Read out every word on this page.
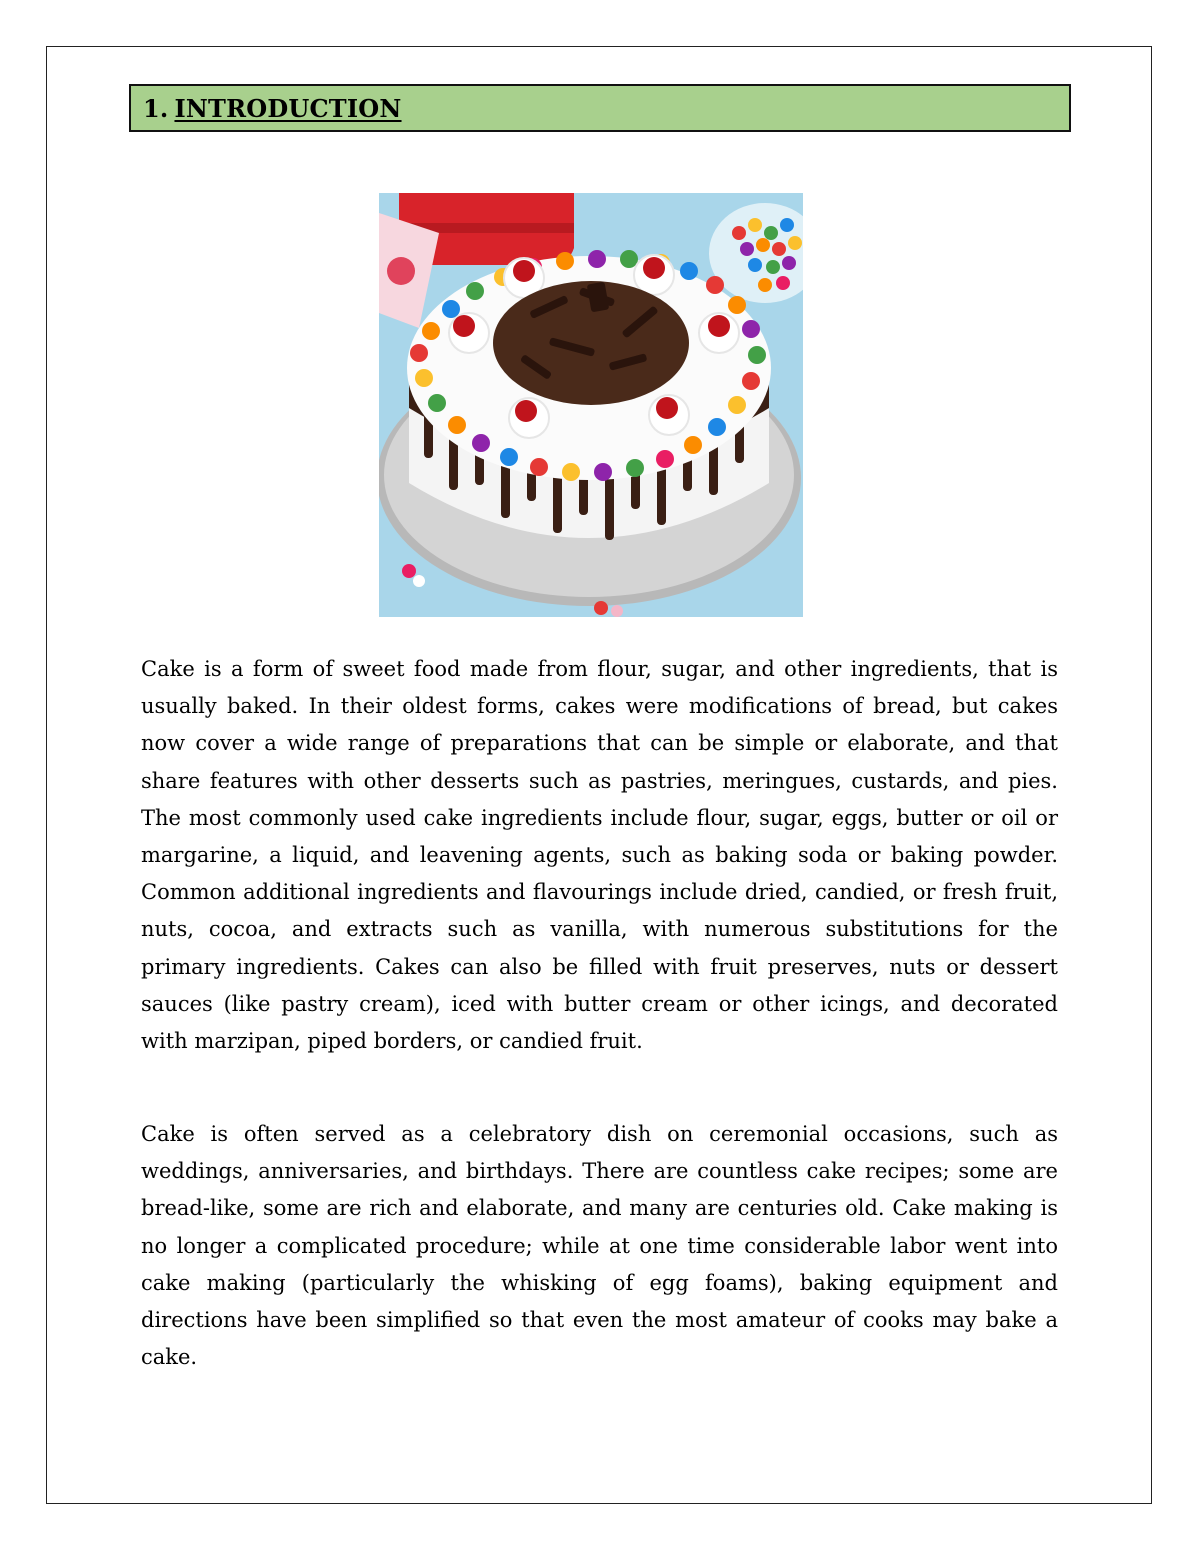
1. INTRODUCTION

Cake is a form of sweet food made from flour, sugar, and other ingredients, that is usually baked. In their oldest forms, cakes were modifications of bread, but cakes now cover a wide range of preparations that can be simple or elaborate, and that share features with other desserts such as pastries, meringues, custards, and pies. The most commonly used cake ingredients include flour, sugar, eggs, butter or oil or margarine, a liquid, and leavening agents, such as baking soda or baking powder. Common additional ingredients and flavourings include dried, candied, or fresh fruit, nuts, cocoa, and extracts such as vanilla, with numerous substitutions for the primary ingredients. Cakes can also be filled with fruit preserves, nuts or dessert sauces (like pastry cream), iced with butter cream or other icings, and decorated with marzipan, piped borders, or candied fruit.

Cake is often served as a celebratory dish on ceremonial occasions, such as weddings, anniversaries, and birthdays. There are countless cake recipes; some are bread-like, some are rich and elaborate, and many are centuries old. Cake making is no longer a complicated procedure; while at one time considerable labor went into cake making (particularly the whisking of egg foams), baking equipment and directions have been simplified so that even the most amateur of cooks may bake a cake.
